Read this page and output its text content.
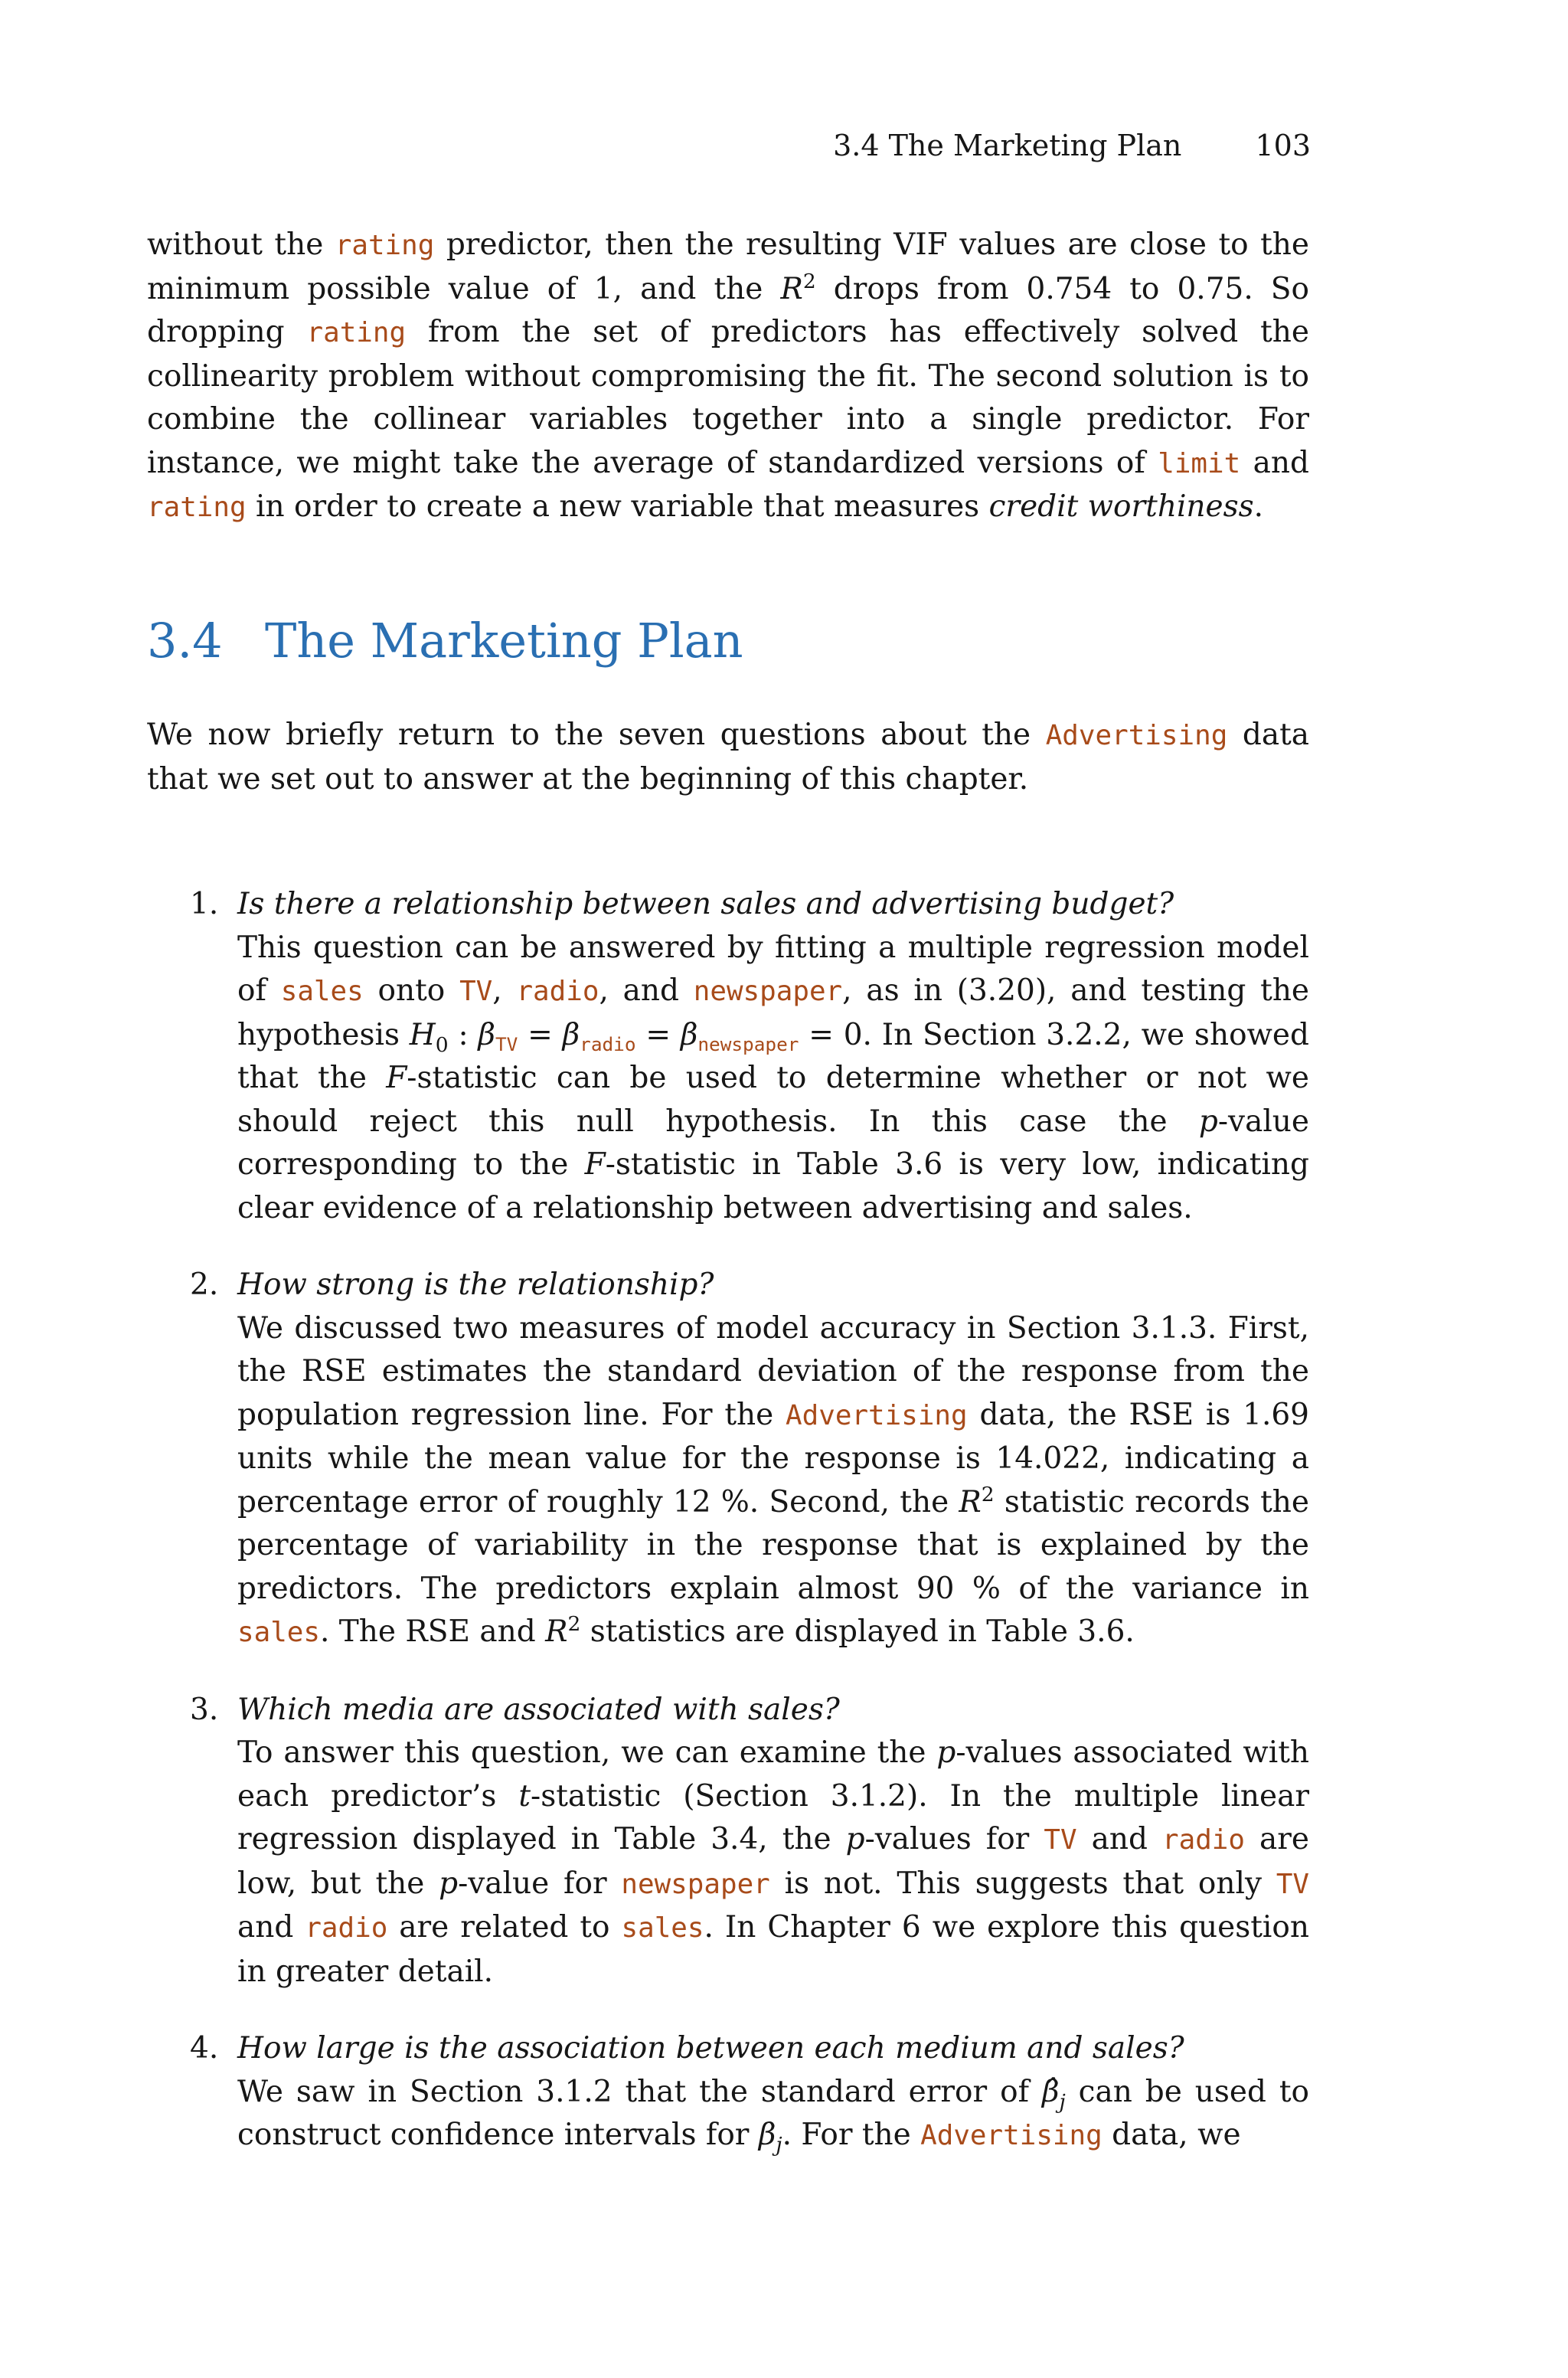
3.4 The Marketing Plan	103

without the rating predictor, then the resulting VIF values are close to the minimum possible value of 1, and the $R^2$ drops from 0.754 to 0.75. So dropping rating from the set of predictors has effectively solved the collinearity problem without compromising the fit. The second solution is to combine the collinear variables together into a single predictor. For instance, we might take the average of standardized versions of limit and rating in order to create a new variable that measures credit worthiness.

3.4 The Marketing Plan

We now briefly return to the seven questions about the Advertising data that we set out to answer at the beginning of this chapter.

1. Is there a relationship between sales and advertising budget?
This question can be answered by fitting a multiple regression model of sales onto TV, radio, and newspaper, as in (3.20), and testing the hypothesis $H_0$ : $\beta_{TV} = \beta_{radio} = \beta_{newspaper} = 0$. In Section 3.2.2, we showed that the F-statistic can be used to determine whether or not we should reject this null hypothesis. In this case the p-value corresponding to the F-statistic in Table 3.6 is very low, indicating clear evidence of a relationship between advertising and sales.
2. How strong is the relationship?
We discussed two measures of model accuracy in Section 3.1.3. First, the RSE estimates the standard deviation of the response from the population regression line. For the Advertising data, the RSE is 1.69 units while the mean value for the response is 14.022, indicating a percentage error of roughly 12 %. Second, the $R^2$ statistic records the percentage of variability in the response that is explained by the predictors. The predictors explain almost 90 % of the variance in sales. The RSE and $R^2$ statistics are displayed in Table 3.6.
3. Which media are associated with sales?
To answer this question, we can examine the p-values associated with each predictor’s t-statistic (Section 3.1.2). In the multiple linear regression displayed in Table 3.4, the p-values for TV and radio are low, but the p-value for newspaper is not. This suggests that only TV and radio are related to sales. In Chapter 6 we explore this question in greater detail.
4. How large is the association between each medium and sales?
We saw in Section 3.1.2 that the standard error of $\betâ_j$ can be used to construct confidence intervals for $\beta_j$. For the Advertising data, we
